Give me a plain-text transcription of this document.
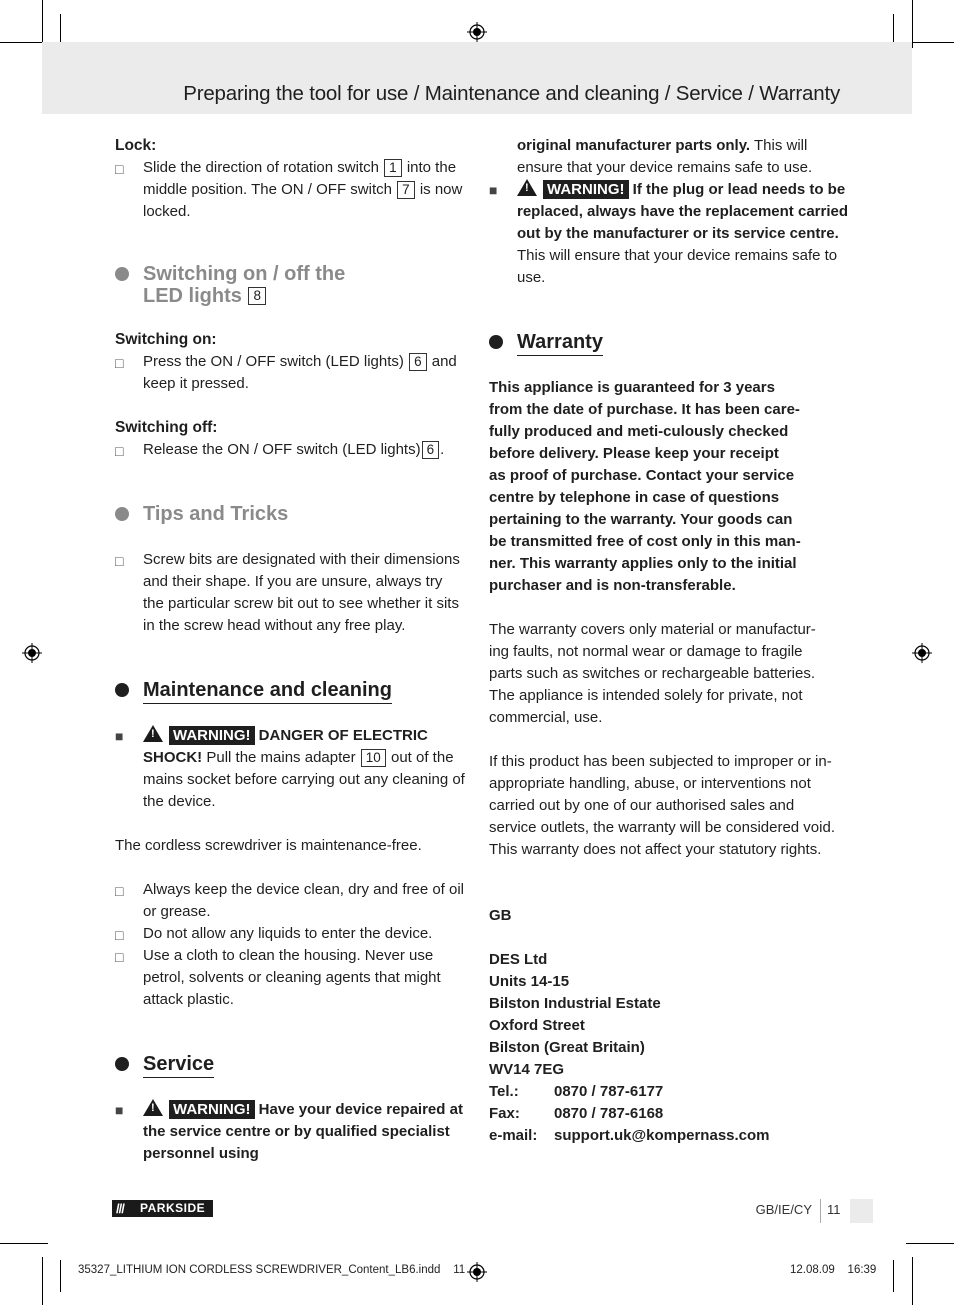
Preparing the tool for use / Maintenance and cleaning / Service / Warranty

Lock:

□ Slide the direction of rotation switch 1 into the middle position. The ON / OFF switch 7 is now locked.
Switching on / off the
LED lights 8

Switching on:

□ Press the ON / OFF switch (LED lights) 6 and keep it pressed.

Switching off:

□ Release the ON / OFF switch (LED lights) 6 .
Tips and Tricks
□ Screw bits are designated with their dimensions and their shape. If you are unsure, always try the particular screw bit out to see whether it sits in the screw head without any free play.
Maintenance and cleaning
■	! WARNING! DANGER OF ELECTRIC SHOCK! Pull the mains adapter 10 out of the mains socket before carrying out any cleaning of the device.

The cordless screwdriver is maintenance-free.

□ Always keep the device clean, dry and free of oil or grease.
□ Do not allow any liquids to enter the device.
□ Use a cloth to clean the housing. Never use petrol, solvents or cleaning agents that might attack plastic.
Service
■	! WARNING! Have your device repaired at the service centre or by qualified specialist personnel using
original manufacturer parts only. This will ensure that your device remains safe to use.
■	! WARNING! If the plug or lead needs to be replaced, always have the replacement carried out by the manufacturer or its service centre. This will ensure that your device remains safe to use.
Warranty

This appliance is guaranteed for 3 years

from the date of purchase. It has been care-

fully produced and meti-culously checked

before delivery. Please keep your receipt

as proof of purchase. Contact your service

centre by telephone in case of questions

pertaining to the warranty. Your goods can

be transmitted free of cost only in this man-

ner. This warranty applies only to the initial

purchaser and is non-transferable.

The warranty covers only material or manufactur-

ing faults, not normal wear or damage to fragile

parts such as switches or rechargeable batteries.

The appliance is intended solely for private, not

commercial, use.

If this product has been subjected to improper or in-

appropriate handling, abuse, or interventions not

carried out by one of our authorised sales and

service outlets, the warranty will be considered void.

This warranty does not affect your statutory rights.

GB

DES Ltd

Units 14-15

Bilston Industrial Estate

Oxford Street

Bilston (Great Britain)

WV14 7EG

Tel.:	0870 / 787-6177
Fax:	0870 / 787-6168
e-mail:	support.uk@kompernass.com
/// PARKSIDE	GB/IE/CY 11
35327_LITHIUM ION CORDLESS SCREWDRIVER_Content_LB6.indd 11	12.08.09 16:39
